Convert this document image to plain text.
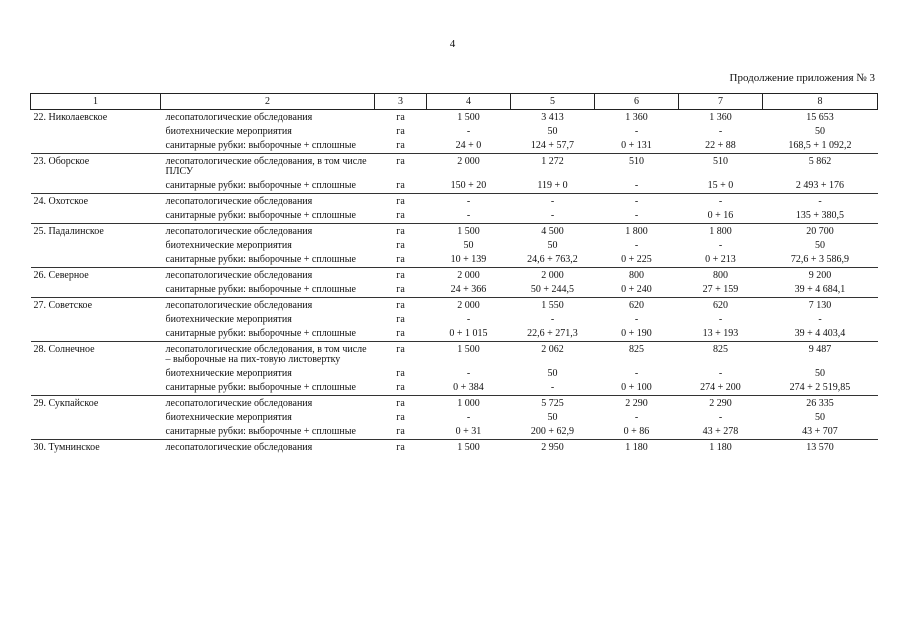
4
Продолжение приложения № 3
1	2	3	4	5	6	7	8
22. Николаевское	лесопатологические обследования	га	1 500	3 413	1 360	1 360	15 653
	биотехнические мероприятия	га	-	50	-	-	50
	санитарные рубки: выборочные + сплошные	га	24 + 0	124 + 57,7	0 + 131	22 + 88	168,5 + 1 092,2
23. Оборское	лесопатологические обследования, в том числе ПЛСУ	га	2 000	1 272	510	510	5 862
	санитарные рубки: выборочные + сплошные	га	150 + 20	119 + 0	-	15 + 0	2 493 + 176
24. Охотское	лесопатологические обследования	га	-	-	-	-	-
	санитарные рубки: выборочные + сплошные	га	-	-	-	0 + 16	135 + 380,5
25. Падалинское	лесопатологические обследования	га	1 500	4 500	1 800	1 800	20 700
	биотехнические мероприятия	га	50	50	-	-	50
	санитарные рубки: выборочные + сплошные	га	10 + 139	24,6 + 763,2	0 + 225	0 + 213	72,6 + 3 586,9
26. Северное	лесопатологические обследования	га	2 000	2 000	800	800	9 200
	санитарные рубки: выборочные + сплошные	га	24 + 366	50 + 244,5	0 + 240	27 + 159	39 + 4 684,1
27. Советское	лесопатологические обследования	га	2 000	1 550	620	620	7 130
	биотехнические мероприятия	га	-	-	-	-	-
	санитарные рубки: выборочные + сплошные	га	0 + 1 015	22,6 + 271,3	0 + 190	13 + 193	39 + 4 403,4
28. Солнечное	лесопатологические обследования, в том числе – выборочные на пих-товую листовертку	га	1 500	2 062	825	825	9 487
	биотехнические мероприятия	га	-	50	-	-	50
	санитарные рубки: выборочные + сплошные	га	0 + 384	-	0 + 100	274 + 200	274 + 2 519,85
29. Сукпайское	лесопатологические обследования	га	1 000	5 725	2 290	2 290	26 335
	биотехнические мероприятия	га	-	50	-	-	50
	санитарные рубки: выборочные + сплошные	га	0 + 31	200 + 62,9	0 + 86	43 + 278	43 + 707
30. Тумнинское	лесопатологические обследования	га	1 500	2 950	1 180	1 180	13 570
